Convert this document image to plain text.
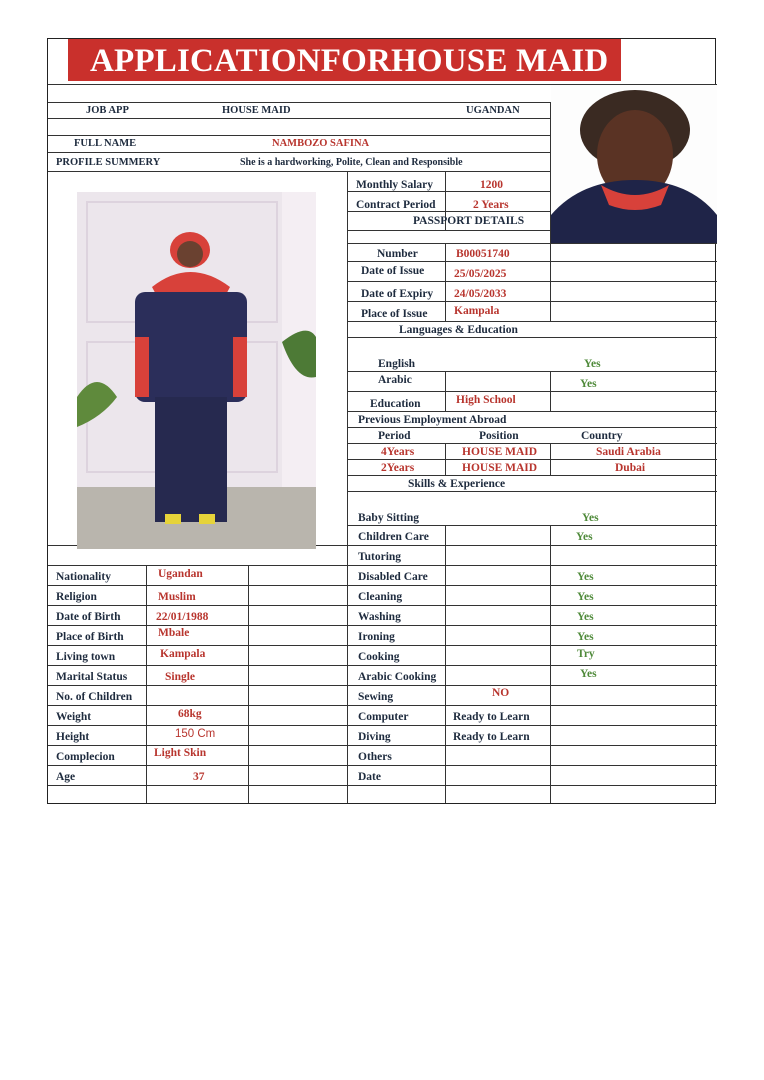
APPLICATIONFORHOUSE MAID
JOB APP	HOUSE MAID	UGANDAN
FULL NAME	NAMBOZO SAFINA
PROFILE SUMMERY	She is a hardworking, Polite, Clean and Responsible
Monthly Salary	1200
Contract Period	2 Years
PASSPORT DETAILS
Number	B00051740
Date of Issue	25/05/2025
Date of Expiry 24/05/2033
Place of Issue Kampala
Languages & Education
English	Yes
Arabic	Yes
Education	High School
Previous Employment Abroad
Period	Position	Country
4Years	HOUSE MAID	Saudi Arabia
2Years	HOUSE MAID	Dubai
Skills & Experience
Baby Sitting	Yes
Children Care	Yes
Tutoring
Disabled Care	Yes
Cleaning	Yes
Washing	Yes
Ironing	Yes
Cooking	Try
Arabic Cooking	Yes
Sewing	NO
Computer	Ready to Learn
Diving	Ready to Learn
Others
Date
Nationality	Ugandan
Religion	Muslim
Date of Birth	22/01/1988
Place of Birth	Mbale
Living town	Kampala
Marital Status	Single
No. of Children
Weight	68kg
Height	150 Cm
Complecion	Light Skin
Age	37
